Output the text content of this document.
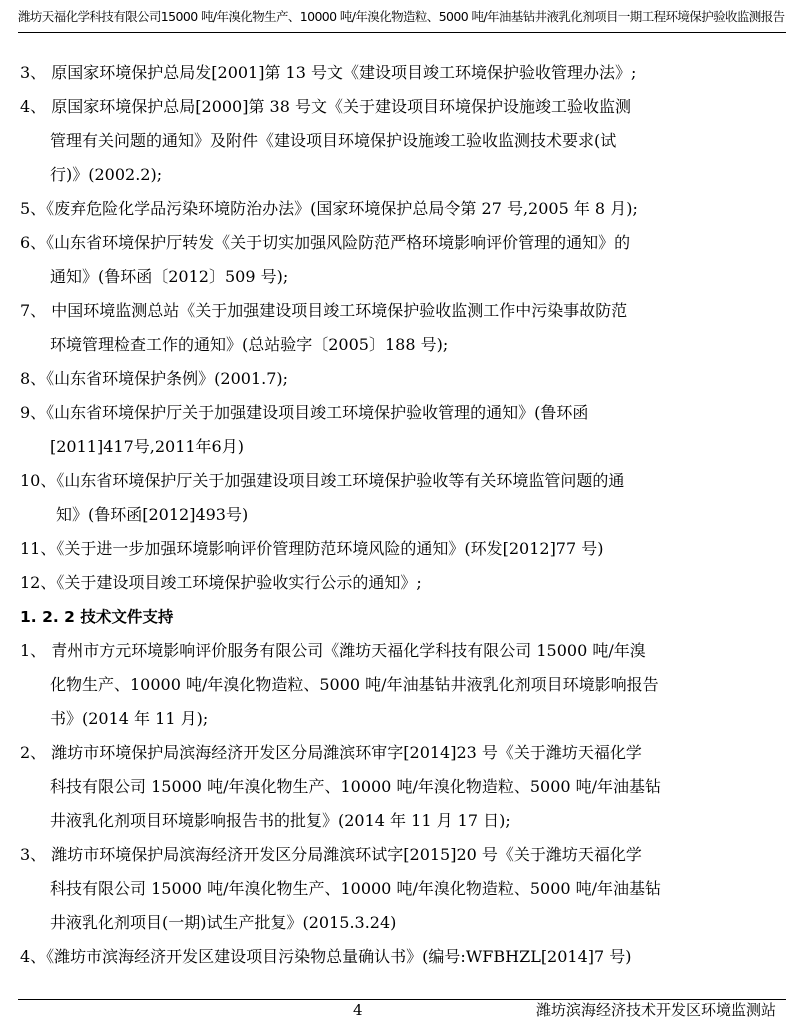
潍坊天福化学科技有限公司15000 吨/年溴化物生产、10000 吨/年溴化物造粒、5000 吨/年油基钻井液乳化剂项目一期工程环境保护验收监测报告
3、 原国家环境保护总局发[2001]第 13 号文《建设项目竣工环境保护验收管理办法》;
4、 原国家环境保护总局[2000]第 38 号文《关于建设项目环境保护设施竣工验收监测
管理有关问题的通知》及附件《建设项目环境保护设施竣工验收监测技术要求(试
行)》(2002.2);
5、《废弃危险化学品污染环境防治办法》(国家环境保护总局令第 27 号,2005 年 8 月);
6、《山东省环境保护厅转发《关于切实加强风险防范严格环境影响评价管理的通知》的
通知》(鲁环函〔2012〕509 号);
7、 中国环境监测总站《关于加强建设项目竣工环境保护验收监测工作中污染事故防范
环境管理检查工作的通知》(总站验字〔2005〕188 号);
8、《山东省环境保护条例》(2001.7);
9、《山东省环境保护厅关于加强建设项目竣工环境保护验收管理的通知》(鲁环函
[2011]417号,2011年6月)
10、《山东省环境保护厅关于加强建设项目竣工环境保护验收等有关环境监管问题的通
知》(鲁环函[2012]493号)
11、《关于进一步加强环境影响评价管理防范环境风险的通知》(环发[2012]77 号)
12、《关于建设项目竣工环境保护验收实行公示的通知》;
1. 2. 2 技术文件支持
1、 青州市方元环境影响评价服务有限公司《潍坊天福化学科技有限公司 15000 吨/年溴
化物生产、10000 吨/年溴化物造粒、5000 吨/年油基钻井液乳化剂项目环境影响报告
书》(2014 年 11 月);
2、 潍坊市环境保护局滨海经济开发区分局潍滨环审字[2014]23 号《关于潍坊天福化学
科技有限公司 15000 吨/年溴化物生产、10000 吨/年溴化物造粒、5000 吨/年油基钻
井液乳化剂项目环境影响报告书的批复》(2014 年 11 月 17 日);
3、 潍坊市环境保护局滨海经济开发区分局潍滨环试字[2015]20 号《关于潍坊天福化学
科技有限公司 15000 吨/年溴化物生产、10000 吨/年溴化物造粒、5000 吨/年油基钻
井液乳化剂项目(一期)试生产批复》(2015.3.24)
4、《潍坊市滨海经济开发区建设项目污染物总量确认书》(编号:WFBHZL[2014]7 号)
4	潍坊滨海经济技术开发区环境监测站
